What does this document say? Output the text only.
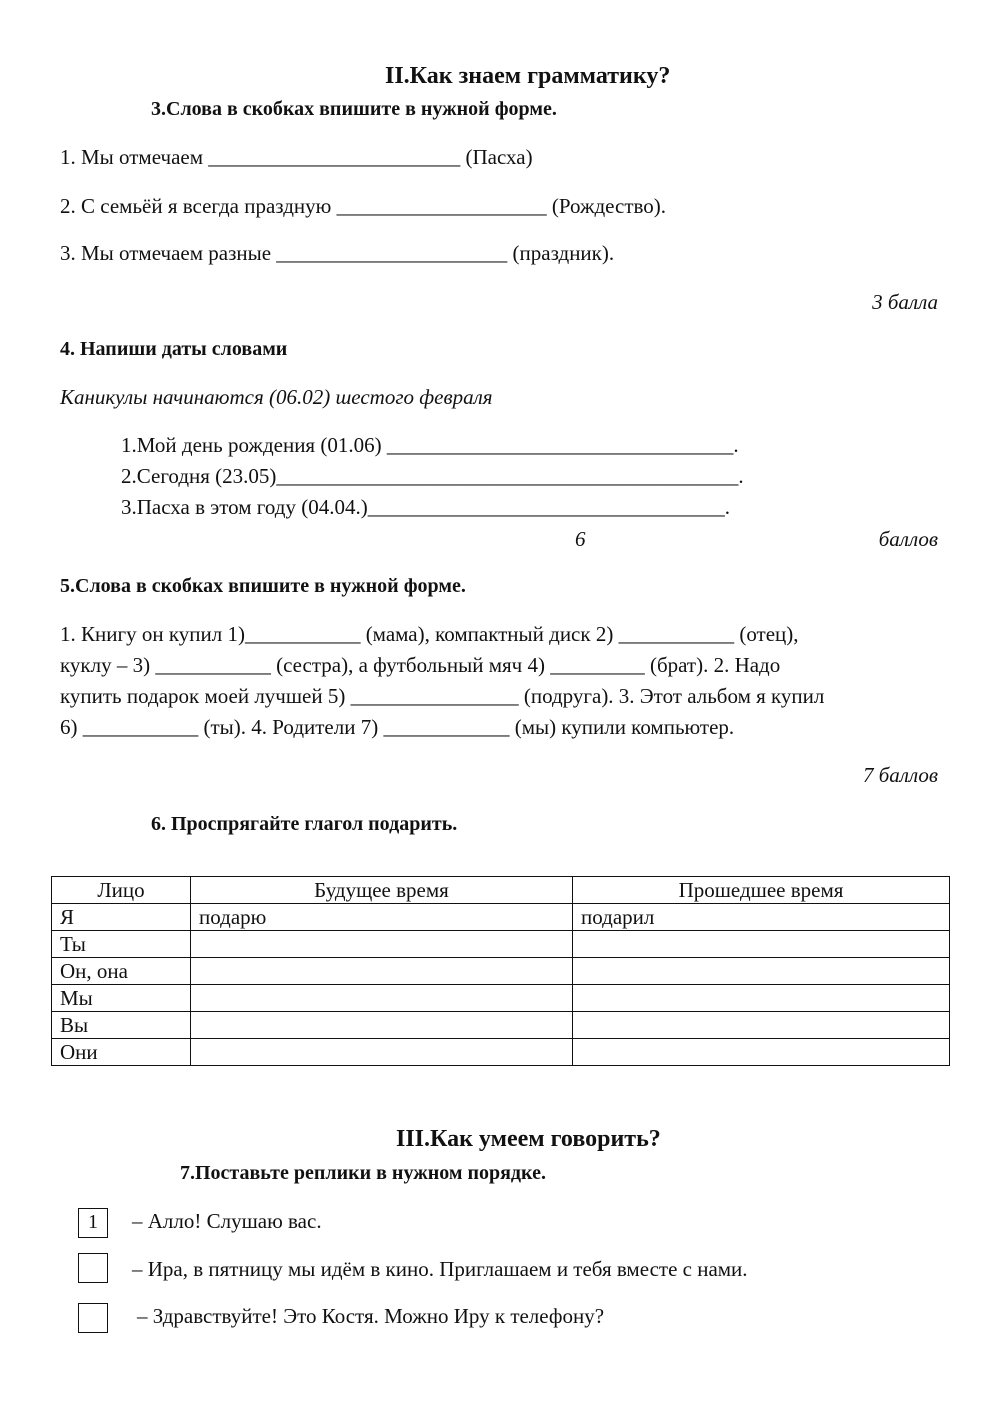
II.Как знаем грамматику?
3.Слова в скобках впишите в нужной форме.
1. Мы отмечаем ________________________ (Пасха)
2. С семьёй я всегда праздную ____________________ (Рождество).
3. Мы отмечаем разные ______________________ (праздник).
3 балла
4. Напиши даты словами
Каникулы начинаются (06.02) шестого февраля
1.Мой день рождения (01.06) _________________________________.
2.Сегодня (23.05)____________________________________________.
3.Пасха в этом году (04.04.)__________________________________.
6	баллов
5.Слова в скобках впишите в нужной форме.
1. Книгу он купил 1)___________ (мама), компактный диск 2) ___________ (отец),
куклу – 3) ___________ (сестра), а футбольный мяч 4) _________ (брат). 2. Надо
купить подарок моей лучшей 5) ________________ (подруга). 3. Этот альбом я купил
6) ___________ (ты). 4. Родители 7) ____________ (мы) купили компьютер.
7 баллов
6. Проспрягайте глагол подарить.
Лицо	Будущее время	Прошедшее время
Я	подарю	подарил
Ты		
Он, она		
Мы		
Вы		
Они		
III.Как умеем говорить?
7.Поставьте реплики в нужном порядке.
1	– Алло! Слушаю вас.
– Ира, в пятницу мы идём в кино. Приглашаем и тебя вместе с нами.
– Здравствуйте! Это Костя. Можно Иру к телефону?
